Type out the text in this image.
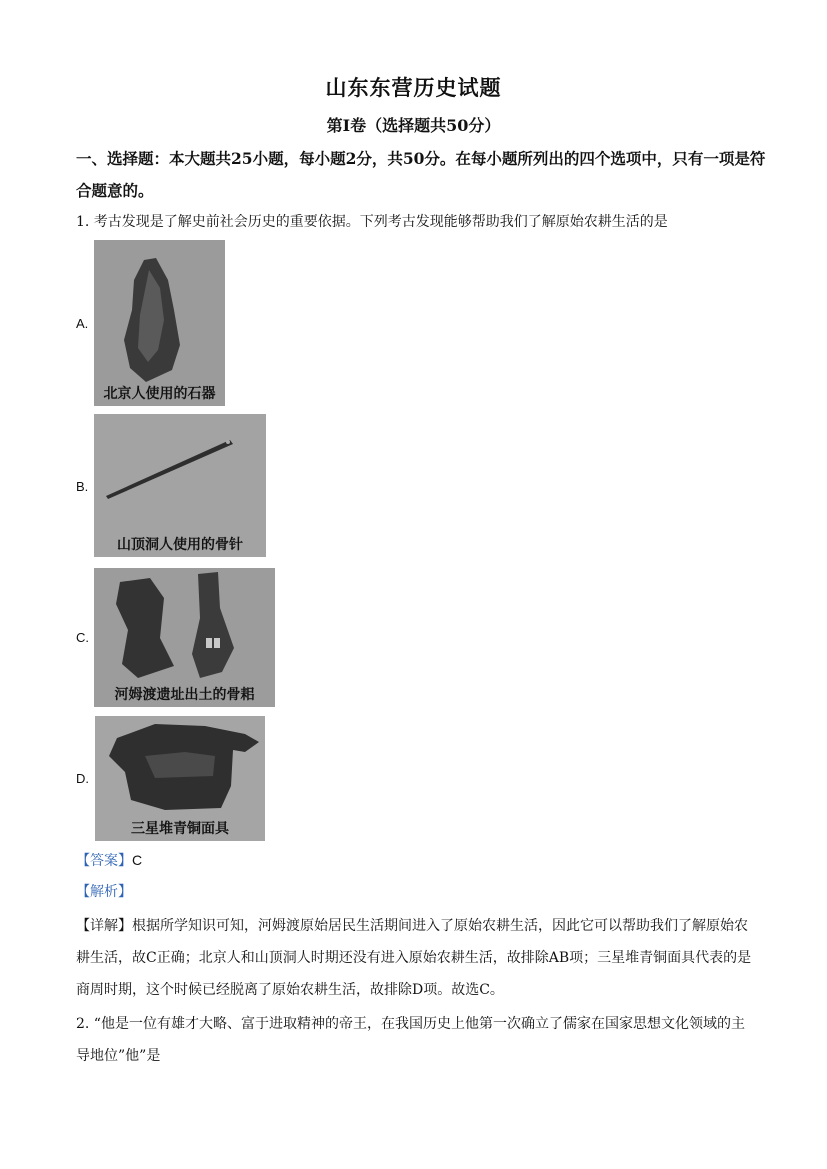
山东东营历史试题
第Ⅰ卷（选择题共50分）
一、选择题：本大题共25小题，每小题2分，共50分。在每小题所列出的四个选项中，只有一项是符合题意的。
1. 考古发现是了解史前社会历史的重要依据。下列考古发现能够帮助我们了解原始农耕生活的是
A.
北京人使用的石器
B.
山顶洞人使用的骨针
C.
河姆渡遗址出土的骨耜
D.
三星堆青铜面具
【答案】C
【解析】
【详解】根据所学知识可知，河姆渡原始居民生活期间进入了原始农耕生活，因此它可以帮助我们了解原始农耕生活，故C正确；北京人和山顶洞人时期还没有进入原始农耕生活，故排除AB项；三星堆青铜面具代表的是商周时期，这个时候已经脱离了原始农耕生活，故排除D项。故选C。
2. “他是一位有雄才大略、富于进取精神的帝王，在我国历史上他第一次确立了儒家在国家思想文化领域的主导地位”他”是
